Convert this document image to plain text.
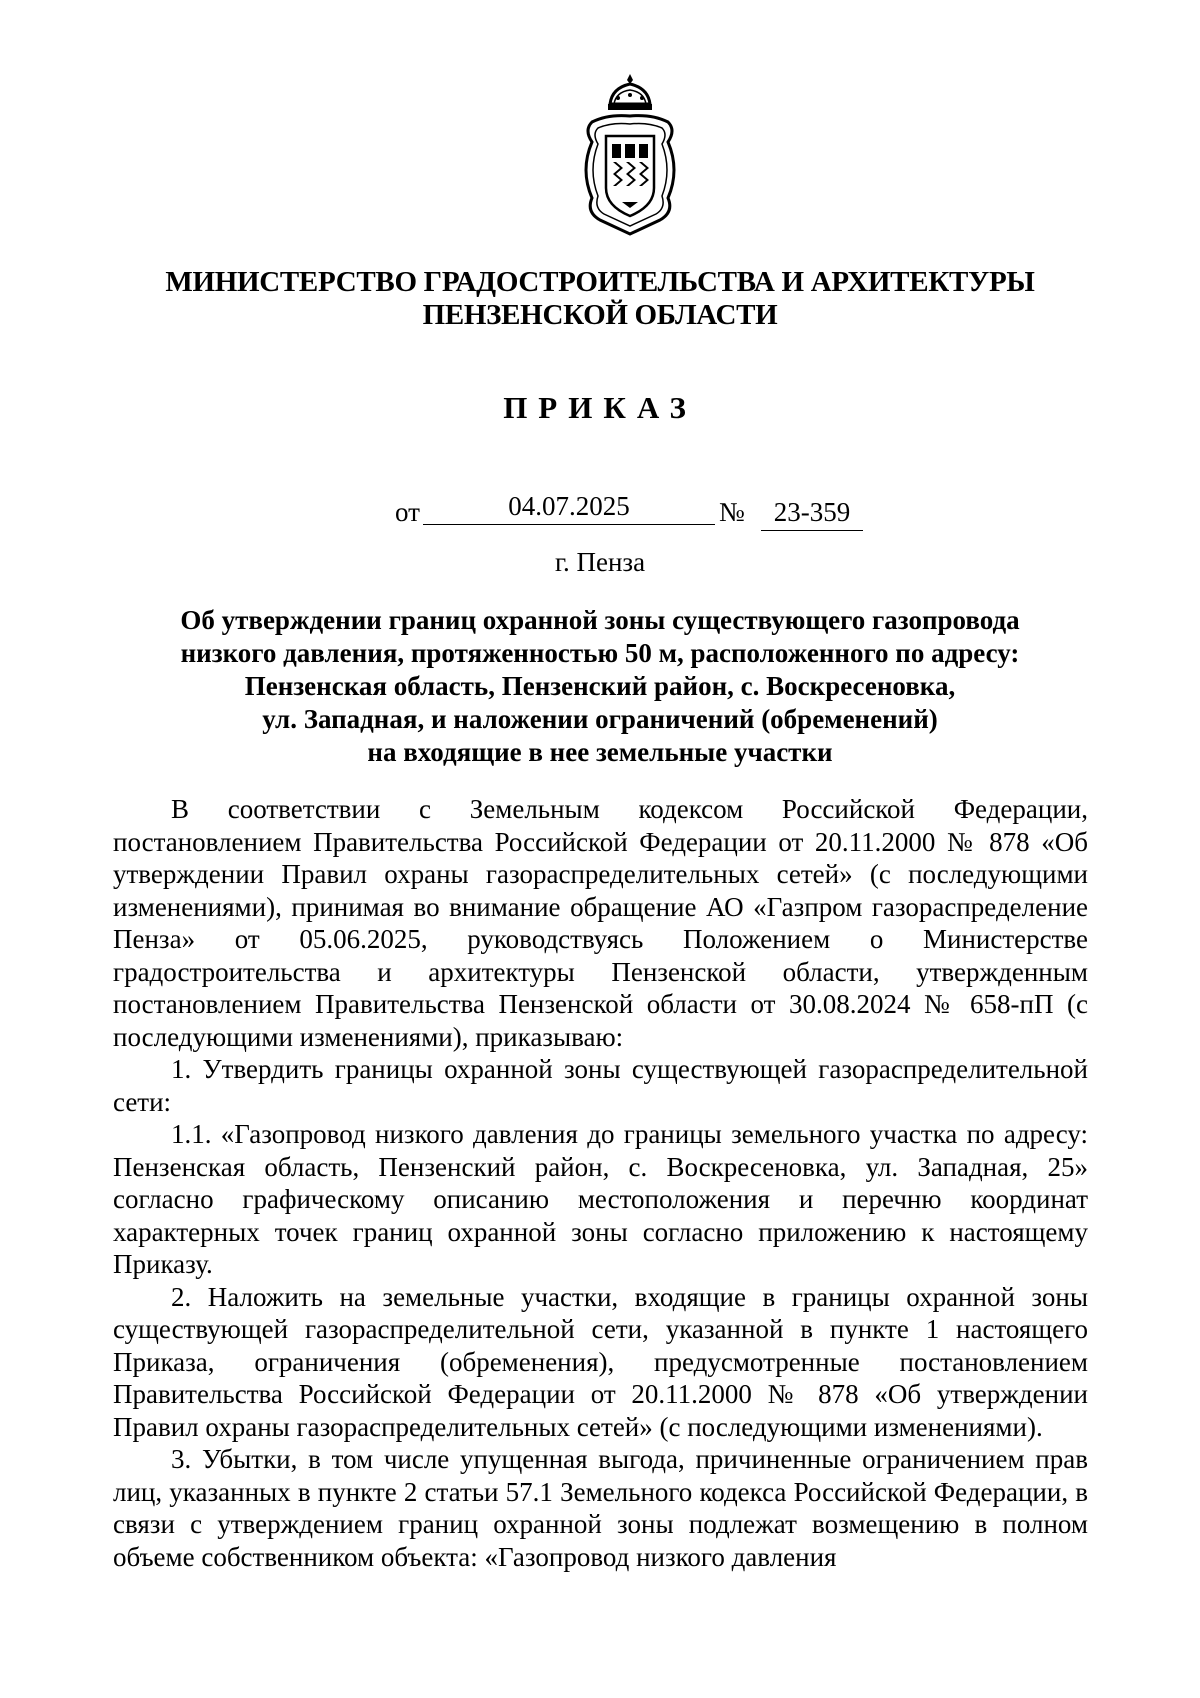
МИНИСТЕРСТВО ГРАДОСТРОИТЕЛЬСТВА И АРХИТЕКТУРЫ
ПЕНЗЕНСКОЙ ОБЛАСТИ
ПРИКАЗ
от	04.07.2025	№	23-359
г. Пенза
Об утверждении границ охранной зоны существующего газопровода
низкого давления, протяженностью 50 м, расположенного по адресу:
Пензенская область, Пензенский район, с. Воскресеновка,
ул. Западная, и наложении ограничений (обременений)
на входящие в нее земельные участки

В соответствии с Земельным кодексом Российской Федерации, постановлением Правительства Российской Федерации от 20.11.2000 № 878 «Об утверждении Правил охраны газораспределительных сетей» (с последующими изменениями), принимая во внимание обращение АО «Газпром газораспределение Пенза» от 05.06.2025, руководствуясь Положением о Министерстве градостроительства и архитектуры Пензенской области, утвержденным постановлением Правительства Пензенской области от 30.08.2024 № 658-пП (с последующими изменениями), приказываю:

1. Утвердить границы охранной зоны существующей газораспределительной сети:

1.1. «Газопровод низкого давления до границы земельного участка по адресу: Пензенская область, Пензенский район, с. Воскресеновка, ул. Западная, 25» согласно графическому описанию местоположения и перечню координат характерных точек границ охранной зоны согласно приложению к настоящему Приказу.

2. Наложить на земельные участки, входящие в границы охранной зоны существующей газораспределительной сети, указанной в пункте 1 настоящего Приказа, ограничения (обременения), предусмотренные постановлением Правительства Российской Федерации от 20.11.2000 № 878 «Об утверждении Правил охраны газораспределительных сетей» (с последующими изменениями).

3. Убытки, в том числе упущенная выгода, причиненные ограничением прав лиц, указанных в пункте 2 статьи 57.1 Земельного кодекса Российской Федерации, в связи с утверждением границ охранной зоны подлежат возмещению в полном объеме собственником объекта: «Газопровод низкого давления
